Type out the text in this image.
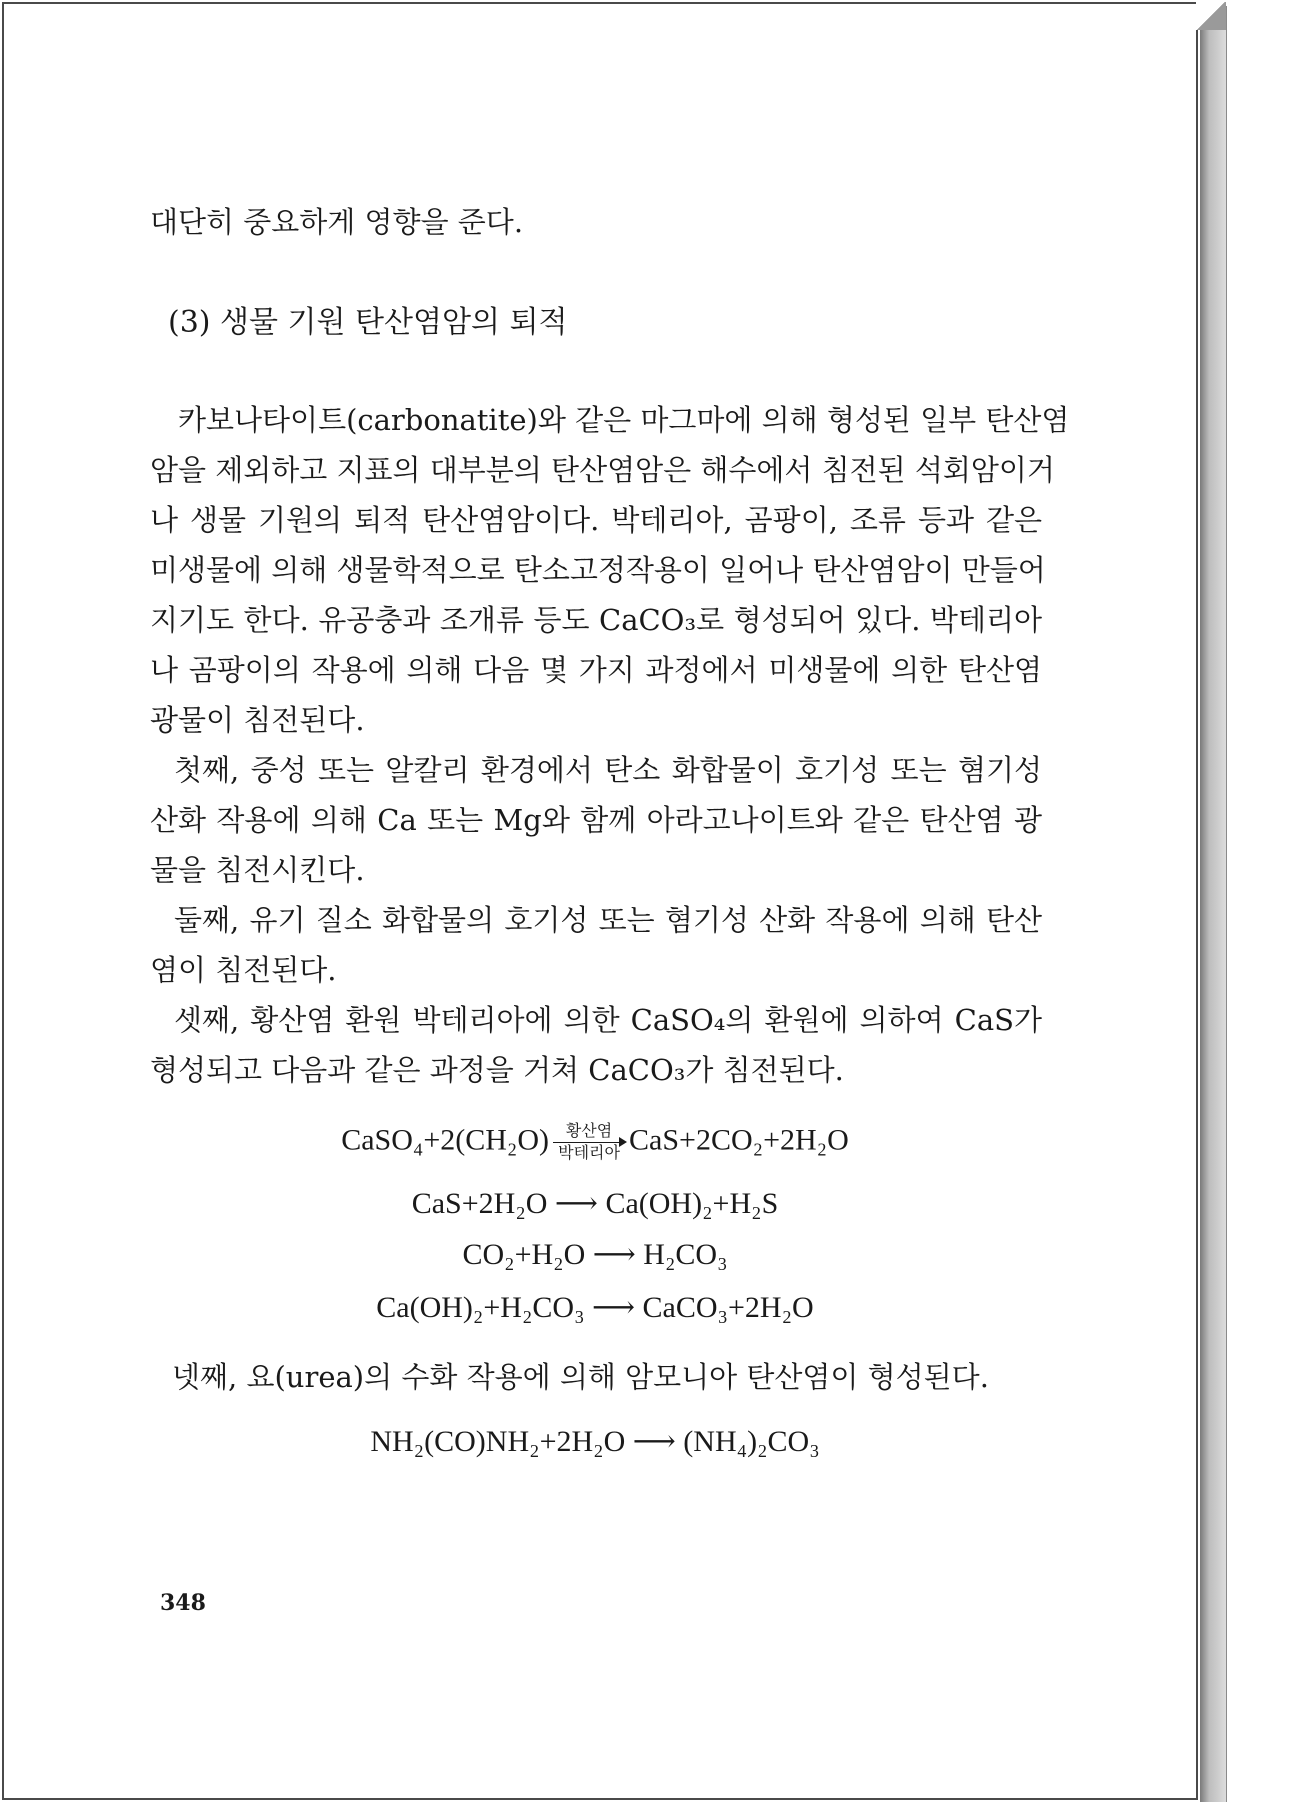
대단히 중요하게 영향을 준다.

(3) 생물 기원 탄산염암의 퇴적
카보나타이트(carbonatite)와 같은 마그마에 의해 형성된 일부 탄산염
암을 제외하고 지표의 대부분의 탄산염암은 해수에서 침전된 석회암이거
나 생물 기원의 퇴적 탄산염암이다. 박테리아, 곰팡이, 조류 등과 같은
미생물에 의해 생물학적으로 탄소고정작용이 일어나 탄산염암이 만들어
지기도 한다. 유공충과 조개류 등도 CaCO₃로 형성되어 있다. 박테리아
나 곰팡이의 작용에 의해 다음 몇 가지 과정에서 미생물에 의한 탄산염
광물이 침전된다.
첫째, 중성 또는 알칼리 환경에서 탄소 화합물이 호기성 또는 혐기성
산화 작용에 의해 Ca 또는 Mg와 함께 아라고나이트와 같은 탄산염 광
물을 침전시킨다.
둘째, 유기 질소 화합물의 호기성 또는 혐기성 산화 작용에 의해 탄산
염이 침전된다.
셋째, 황산염 환원 박테리아에 의한 CaSO₄의 환원에 의하여 CaS가
형성되고 다음과 같은 과정을 거쳐 CaCO₃가 침전된다.
CaSO₄+2(CH₂O) 황산염
박테리아 CaS+2CO₂+2H₂O
CaS+2H₂O ⟶ Ca(OH)₂+H₂S
CO₂+H₂O ⟶ H₂CO₃
Ca(OH)₂+H₂CO₃ ⟶ CaCO₃+2H₂O

넷째, 요(urea)의 수화 작용에 의해 암모니아 탄산염이 형성된다.

NH₂(CO)NH₂+2H₂O ⟶ (NH₄)₂CO₃

348
